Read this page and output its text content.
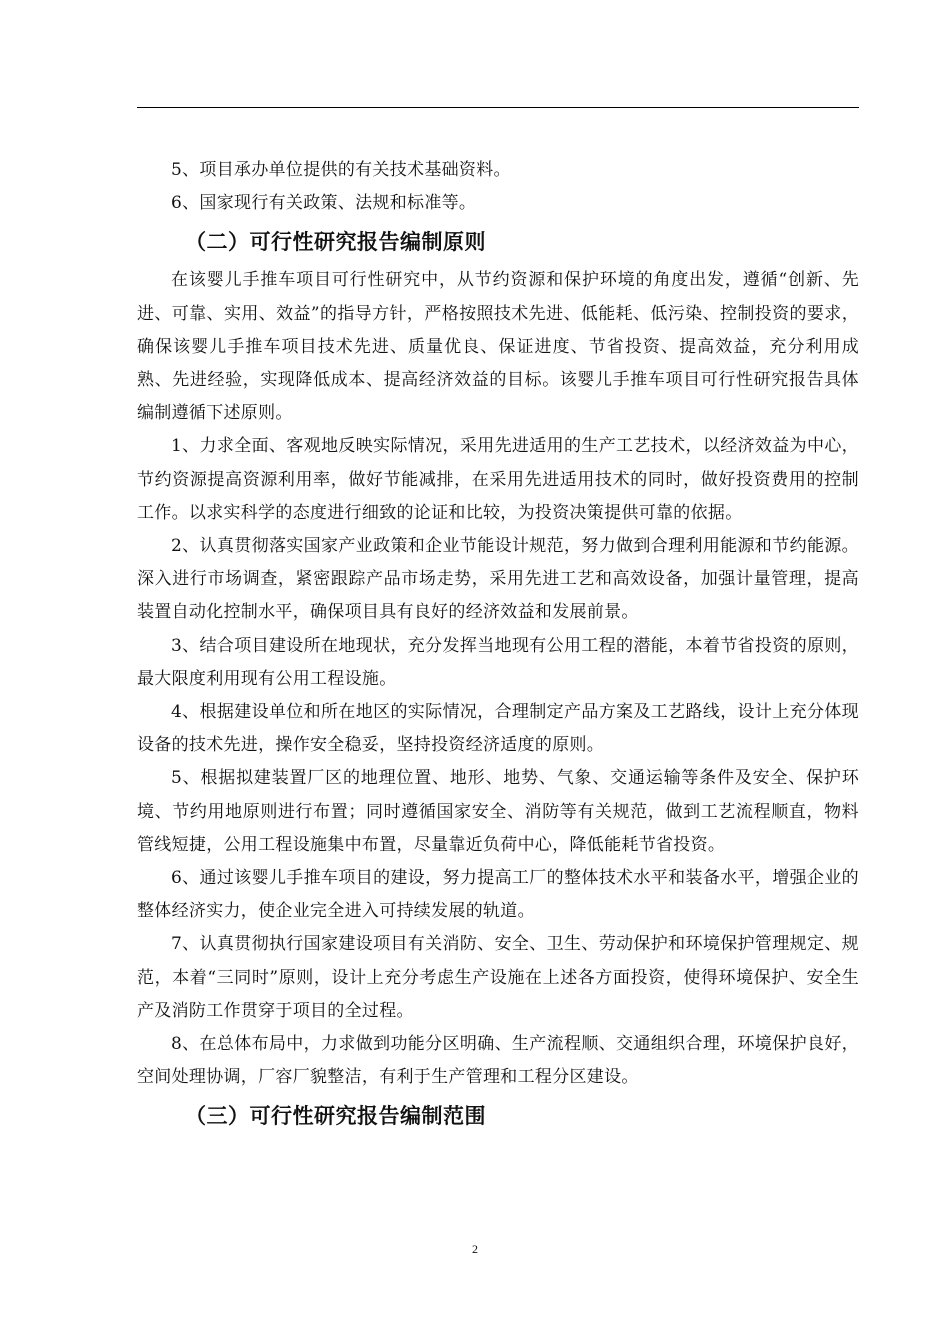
5、项目承办单位提供的有关技术基础资料。

6、国家现行有关政策、法规和标准等。

（二）可行性研究报告编制原则

在该婴儿手推车项目可行性研究中，从节约资源和保护环境的角度出发，遵循“创新、先进、可靠、实用、效益”的指导方针，严格按照技术先进、低能耗、低污染、控制投资的要求，确保该婴儿手推车项目技术先进、质量优良、保证进度、节省投资、提高效益，充分利用成熟、先进经验，实现降低成本、提高经济效益的目标。该婴儿手推车项目可行性研究报告具体编制遵循下述原则。

1、力求全面、客观地反映实际情况，采用先进适用的生产工艺技术，以经济效益为中心，节约资源提高资源利用率，做好节能减排，在采用先进适用技术的同时，做好投资费用的控制工作。以求实科学的态度进行细致的论证和比较，为投资决策提供可靠的依据。

2、认真贯彻落实国家产业政策和企业节能设计规范，努力做到合理利用能源和节约能源。深入进行市场调查，紧密跟踪产品市场走势，采用先进工艺和高效设备，加强计量管理，提高装置自动化控制水平，确保项目具有良好的经济效益和发展前景。

3、结合项目建设所在地现状，充分发挥当地现有公用工程的潜能，本着节省投资的原则，最大限度利用现有公用工程设施。

4、根据建设单位和所在地区的实际情况，合理制定产品方案及工艺路线，设计上充分体现设备的技术先进，操作安全稳妥，坚持投资经济适度的原则。

5、根据拟建装置厂区的地理位置、地形、地势、气象、交通运输等条件及安全、保护环境、节约用地原则进行布置；同时遵循国家安全、消防等有关规范，做到工艺流程顺直，物料管线短捷，公用工程设施集中布置，尽量靠近负荷中心，降低能耗节省投资。

6、通过该婴儿手推车项目的建设，努力提高工厂的整体技术水平和装备水平，增强企业的整体经济实力，使企业完全进入可持续发展的轨道。

7、认真贯彻执行国家建设项目有关消防、安全、卫生、劳动保护和环境保护管理规定、规范，本着“三同时”原则，设计上充分考虑生产设施在上述各方面投资，使得环境保护、安全生产及消防工作贯穿于项目的全过程。

8、在总体布局中，力求做到功能分区明确、生产流程顺、交通组织合理，环境保护良好，空间处理协调，厂容厂貌整洁，有利于生产管理和工程分区建设。

（三）可行性研究报告编制范围
2
